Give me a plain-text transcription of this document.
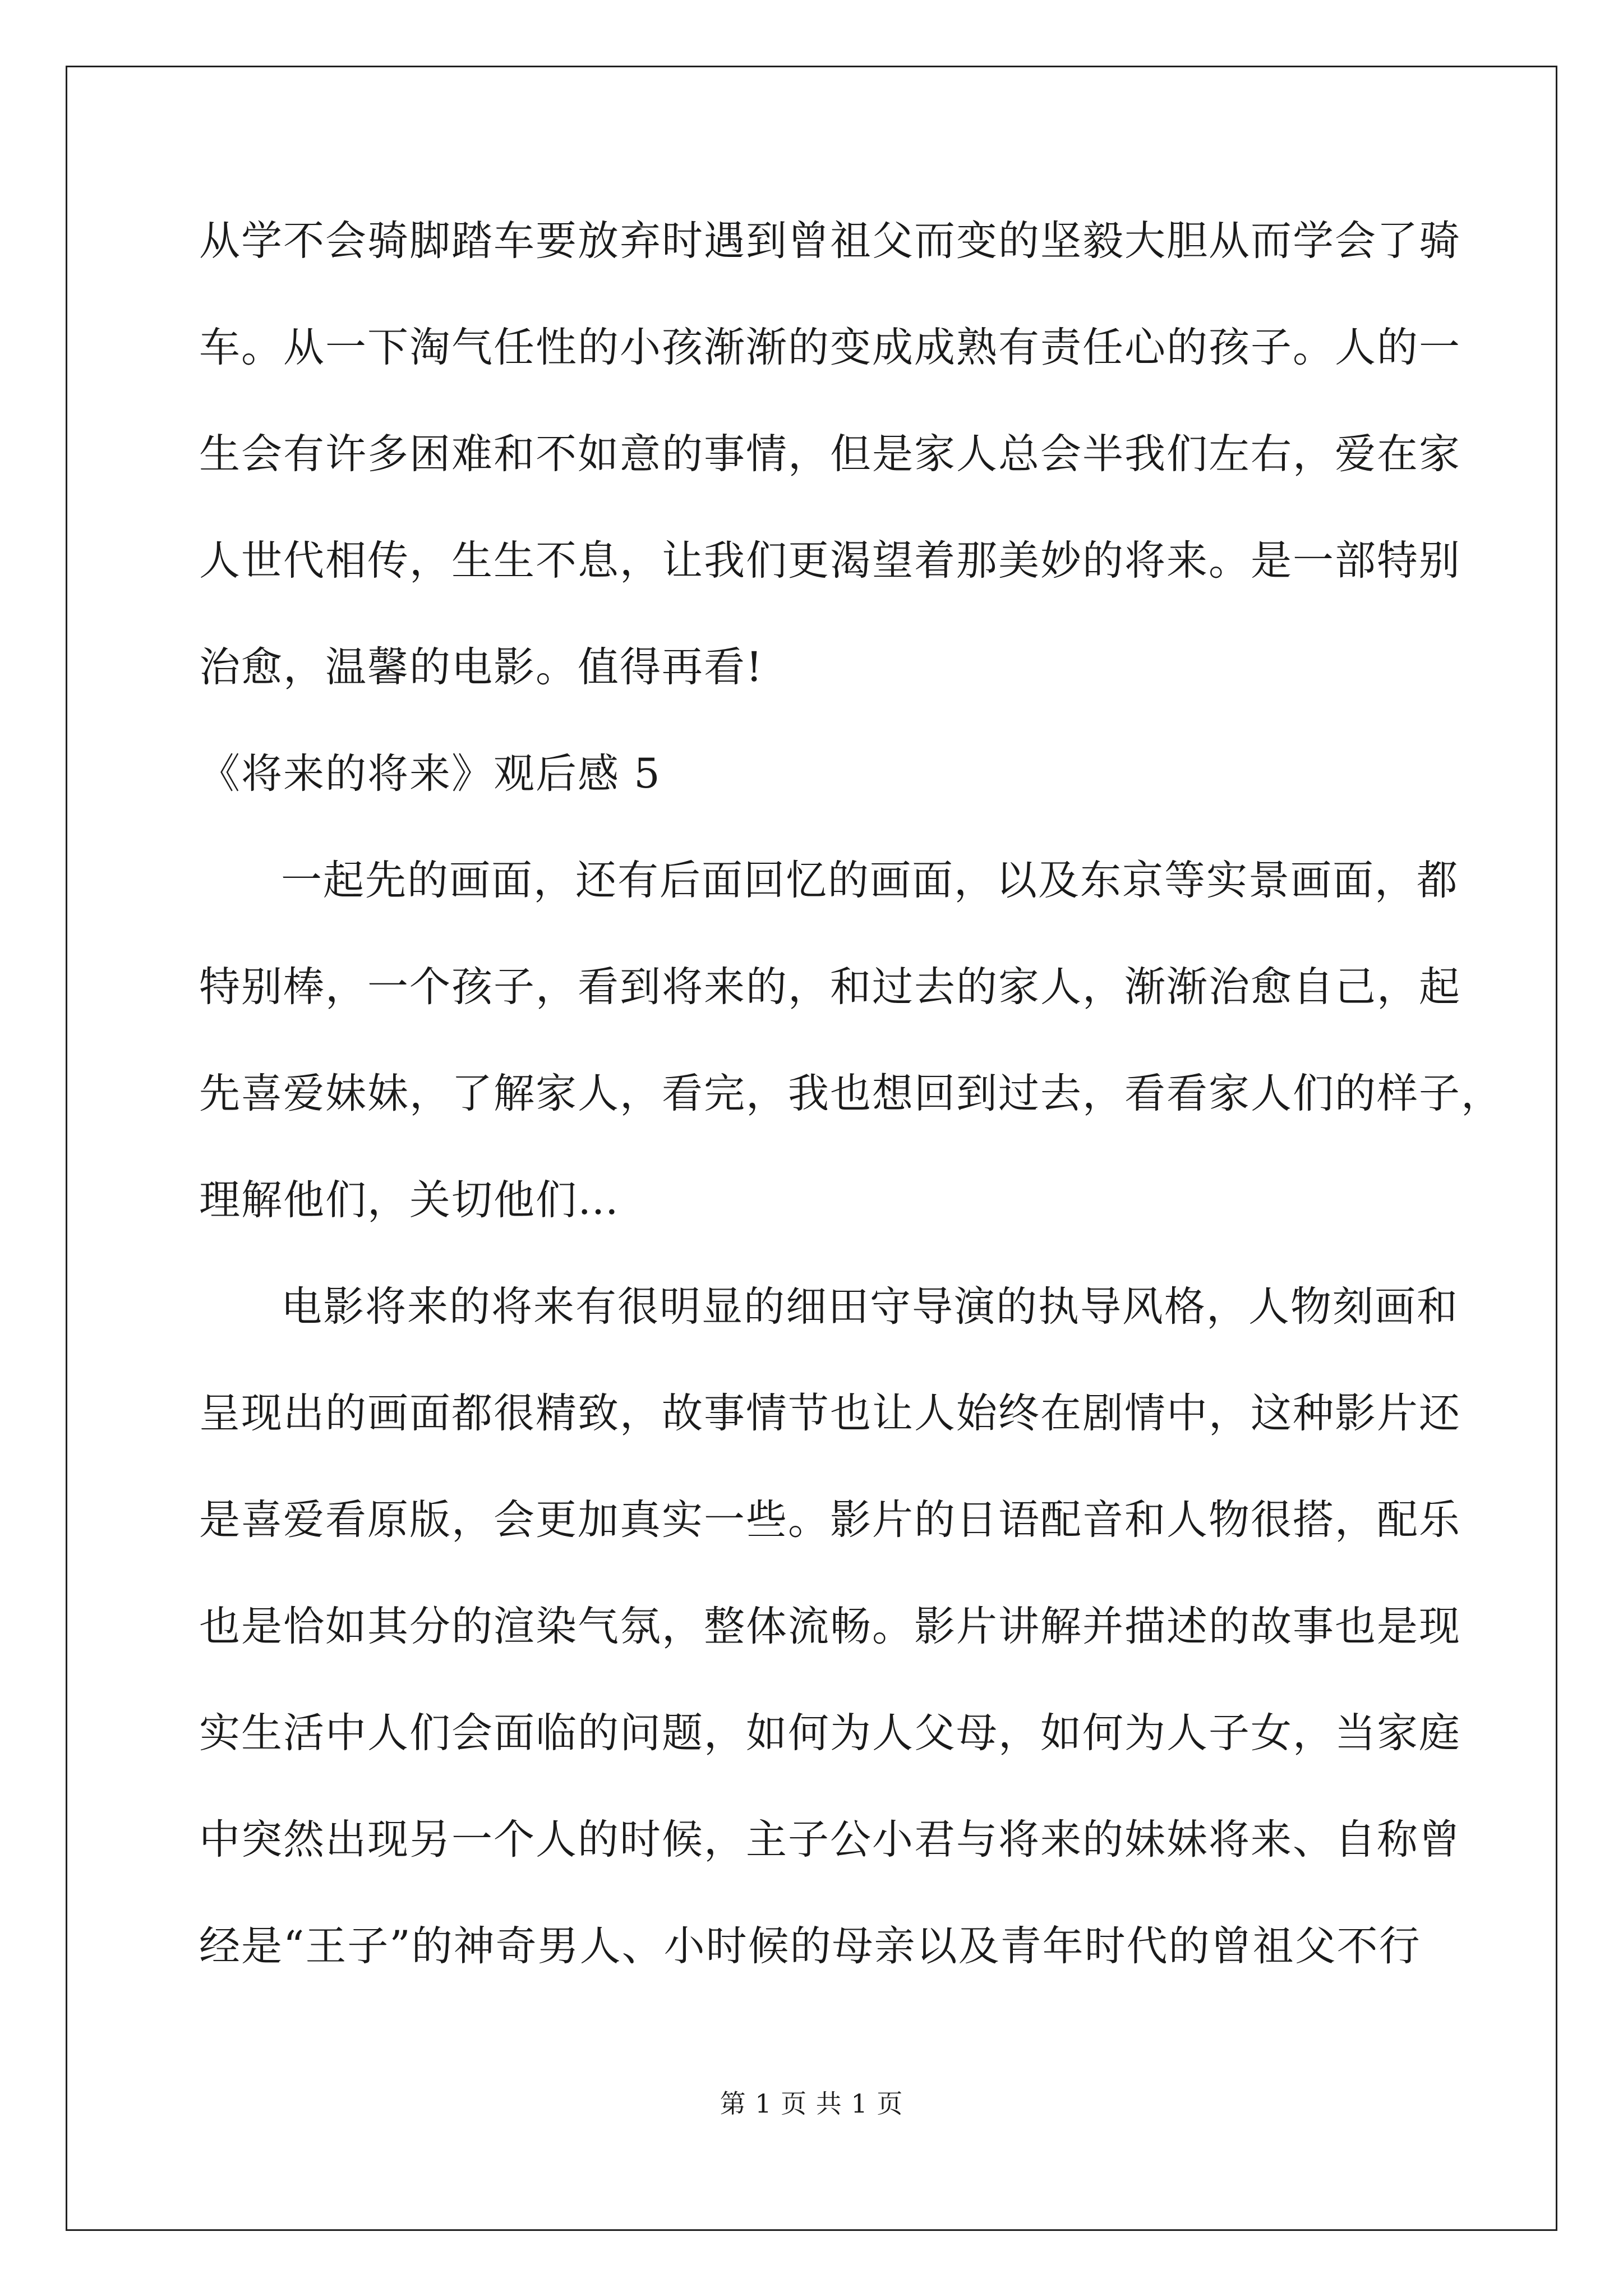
从学不会骑脚踏车要放弃时遇到曾祖父而变的坚毅大胆从而学会了骑
车。从一下淘气任性的小孩渐渐的变成成熟有责任心的孩子。人的一
生会有许多困难和不如意的事情，但是家人总会半我们左右，爱在家
人世代相传，生生不息，让我们更渴望着那美妙的将来。是一部特别
治愈，温馨的电影。值得再看!
《将来的将来》观后感 5
一起先的画面，还有后面回忆的画面，以及东京等实景画面，都
特别棒，一个孩子，看到将来的，和过去的家人，渐渐治愈自己，起
先喜爱妹妹，了解家人，看完，我也想回到过去，看看家人们的样子，
理解他们，关切他们…
电影将来的将来有很明显的细田守导演的执导风格，人物刻画和
呈现出的画面都很精致，故事情节也让人始终在剧情中，这种影片还
是喜爱看原版，会更加真实一些。影片的日语配音和人物很搭，配乐
也是恰如其分的渲染气氛，整体流畅。影片讲解并描述的故事也是现
实生活中人们会面临的问题，如何为人父母，如何为人子女，当家庭
中突然出现另一个人的时候，主子公小君与将来的妹妹将来、自称曾
经是“王子”的神奇男人、小时候的母亲以及青年时代的曾祖父不行
第 1 页 共 1 页
